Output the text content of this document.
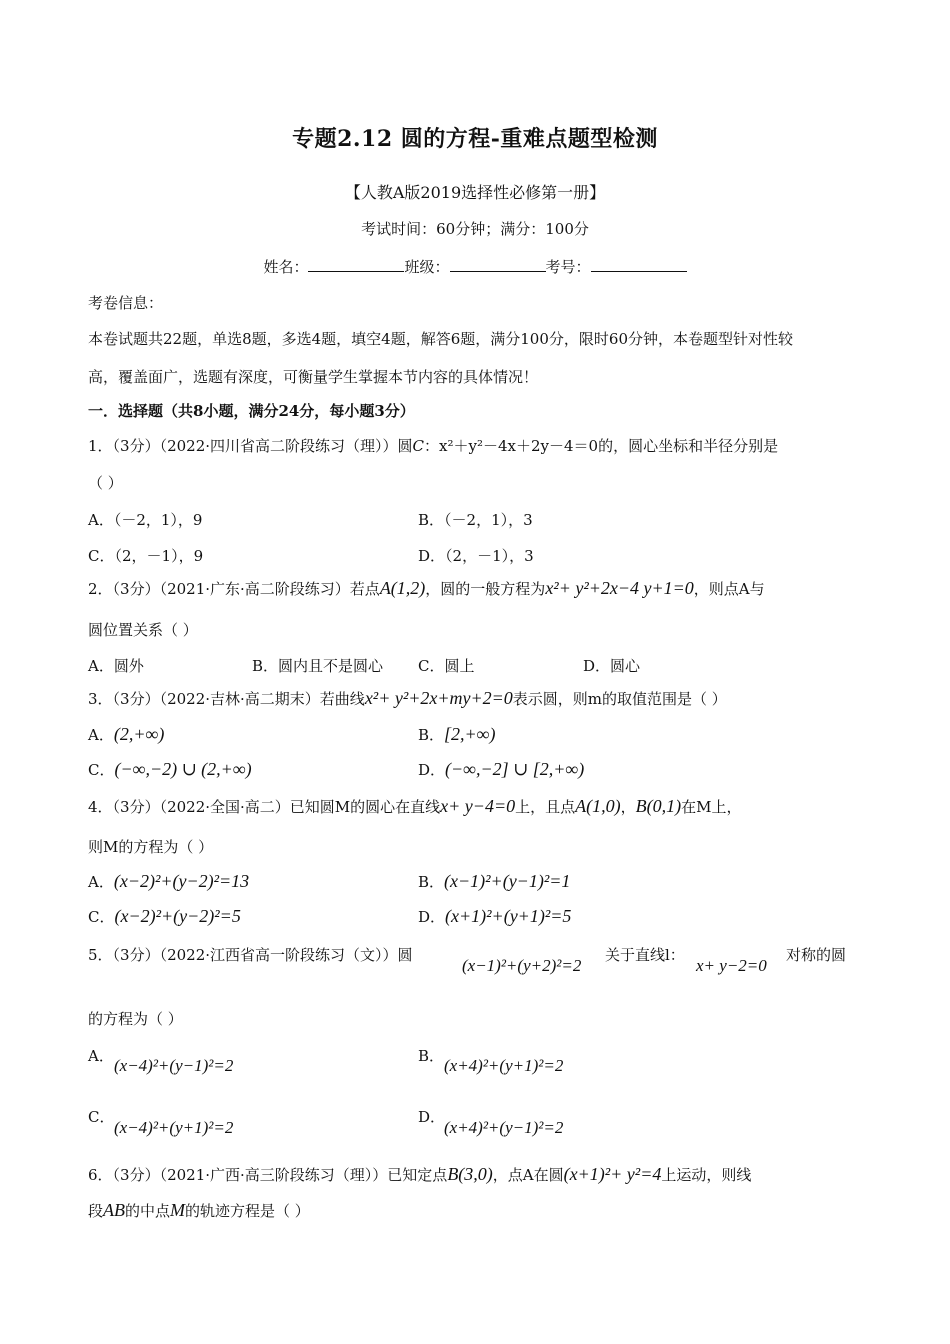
专题2.12 圆的方程-重难点题型检测
【人教A版2019选择性必修第一册】
考试时间：60分钟；满分：100分
姓名：	班级：	考号：
考卷信息：
本卷试题共22题，单选8题，多选4题，填空4题，解答6题，满分100分，限时60分钟，本卷题型针对性较
高，覆盖面广，选题有深度，可衡量学生掌握本节内容的具体情况！
一．选择题（共8小题，满分24分，每小题3分）
1．（3分）（2022·四川省高二阶段练习（理））圆C：x²＋y²－4x＋2y－4＝0的，圆心坐标和半径分别是
（ ）
A．（－2，1），9	B．（－2，1），3
C．（2，－1），9	D．（2，－1），3
2．（3分）（2021·广东·高二阶段练习）若点A(1,2)，圆的一般方程为x²+ y²+2x−4 y+1=0，则点A与
圆位置关系（ ）
A．圆外	B．圆内且不是圆心 C．圆上	D．圆心
3．（3分）（2022·吉林·高二期末）若曲线x²+ y²+2x+my+2=0表示圆，则m的取值范围是（ ）
A．(2,+∞)	B．[2,+∞)
C．(−∞,−2) ∪ (2,+∞)	D．(−∞,−2] ∪ [2,+∞)
4．（3分）（2022·全国·高二）已知圆M的圆心在直线x+ y−4=0上，且点A(1,0)，B(0,1)在M上，
则M的方程为（ ）
A．(x−2)²+(y−2)²=13	B．(x−1)²+(y−1)²=1
C．(x−2)²+(y−2)²=5	D．(x+1)²+(y+1)²=5
5．（3分）（2022·江西省高一阶段练习（文））圆
(x−1)²+(y+2)²=2
关于直线l：
x+ y−2=0
对称的圆
的方程为（ ）
A． (x−4)²+(y−1)²=2	B． (x+4)²+(y+1)²=2
C．
(x−4)²+(y+1)²=2
D．
(x+4)²+(y−1)²=2
6．（3分）（2021·广西·高三阶段练习（理））已知定点B(3,0)，点A在圆(x+1)²+ y²=4上运动，则线
段AB的中点M的轨迹方程是（ ）
